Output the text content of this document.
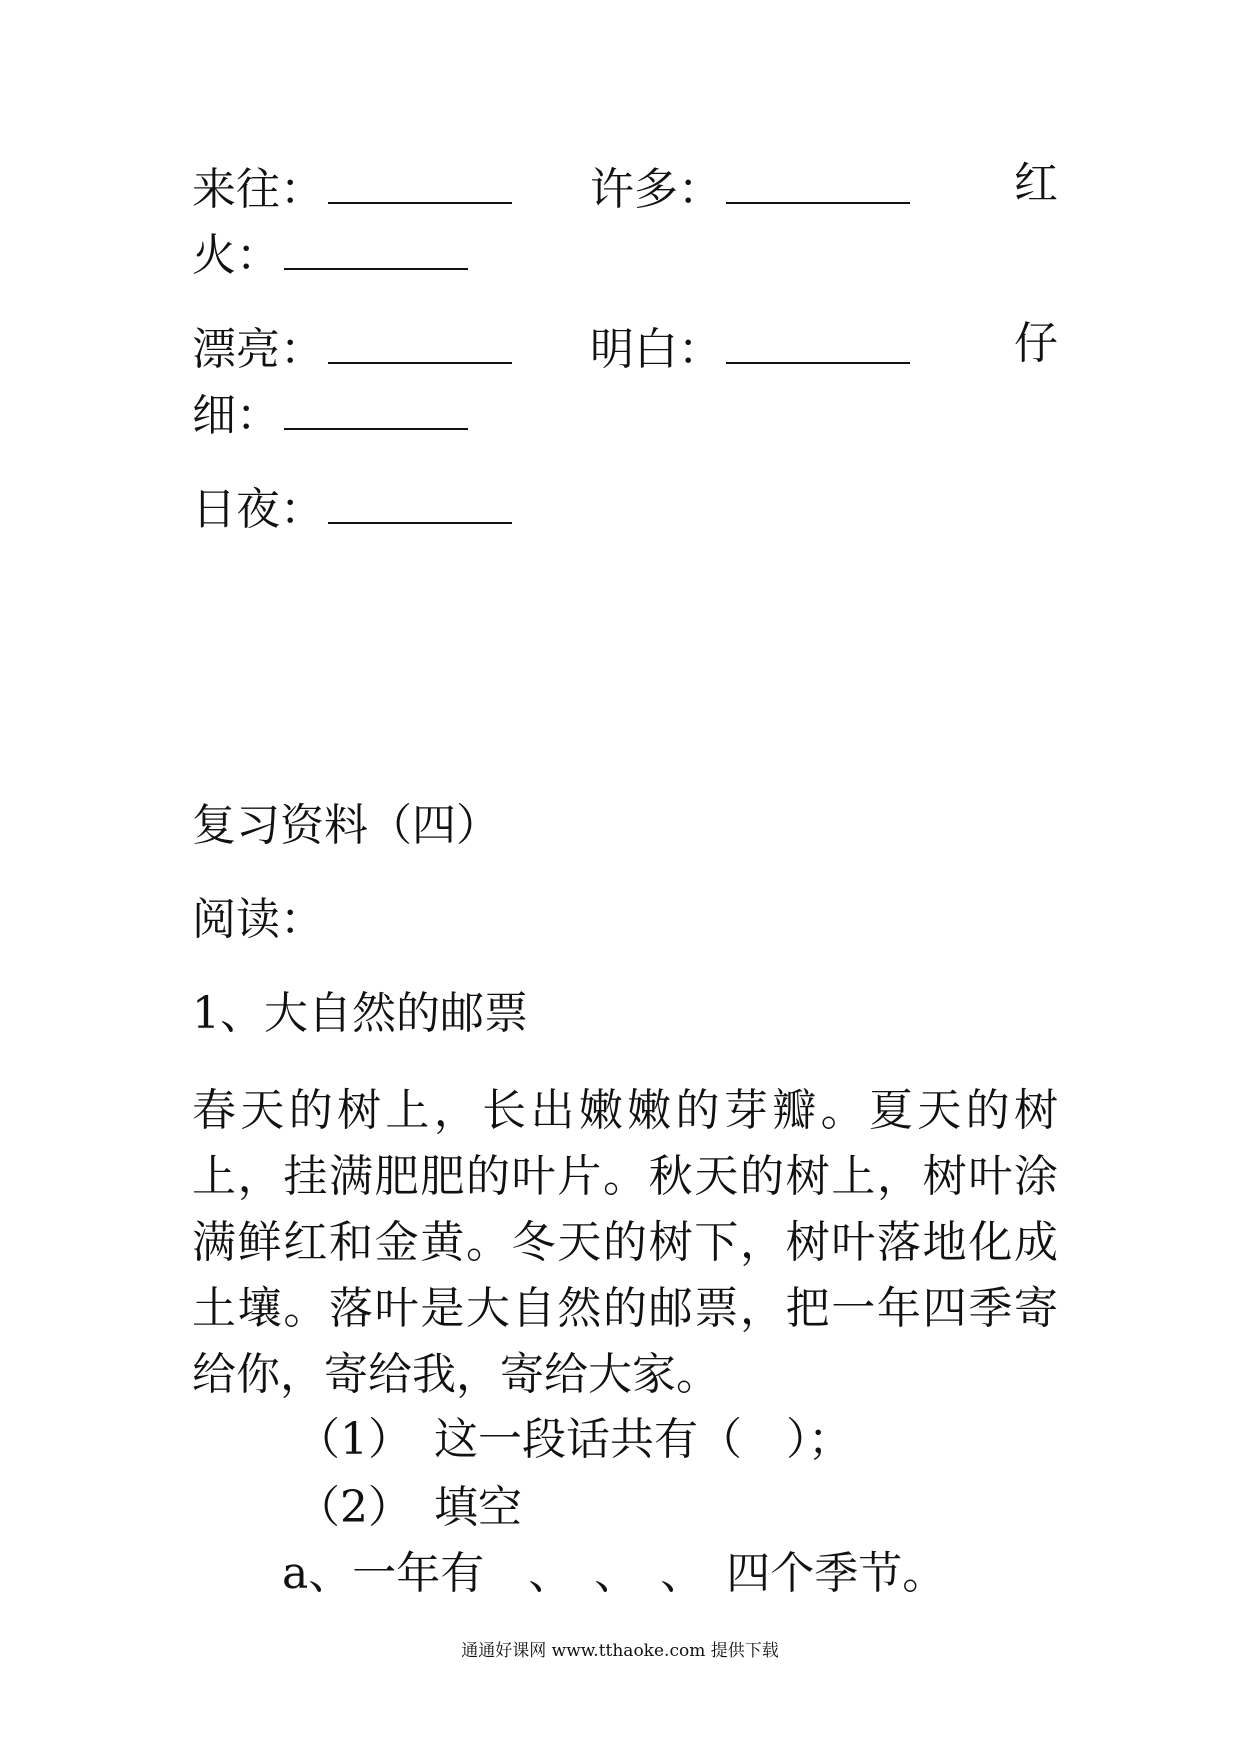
来往：	许多：	红
火：
漂亮：	明白：	仔
细：
日夜：
复习资料（四）
阅读：
1、大自然的邮票

春天的树上，长出嫩嫩的芽瓣。夏天的树上，挂满肥肥的叶片。秋天的树上，树叶涂满鲜红和金黄。冬天的树下，树叶落地化成土壤。落叶是大自然的邮票，把一年四季寄给你，寄给我，寄给大家。

（1）　这一段话共有（　）；
（2）　填空
a、一年有　、　、　、　四个季节。
通通好课网 www.tthaoke.com 提供下载
